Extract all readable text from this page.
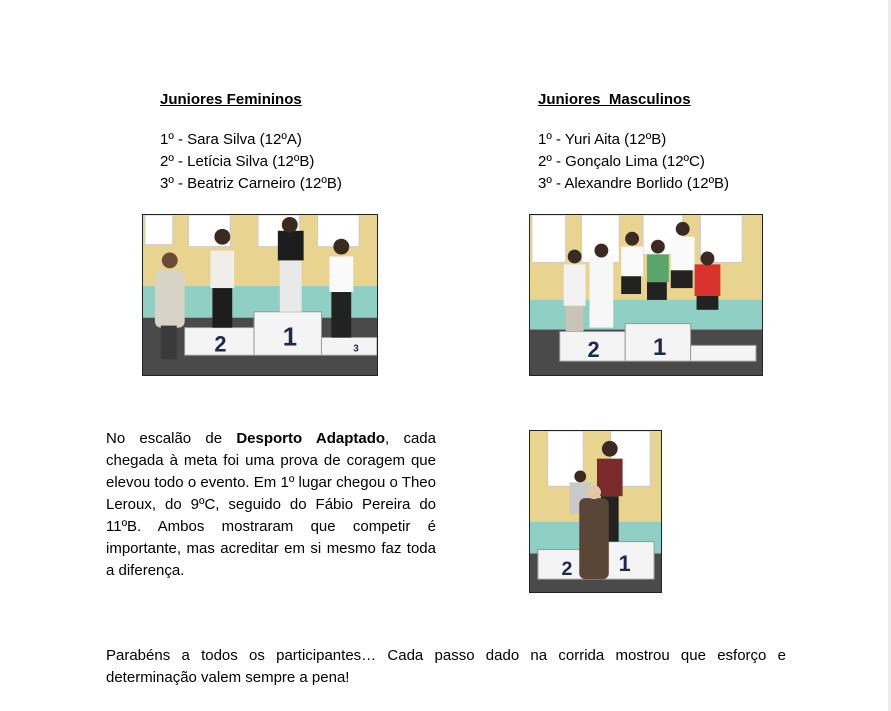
Juniores Femininos
1º - Sara Silva (12ºA)
2º - Letícia Silva (12ºB)
3º - Beatriz Carneiro (12ºB)
Juniores  Masculinos
1º - Yuri Aita (12ºB)
2º - Gonçalo Lima (12ºC)
3º - Alexandre Borlido (12ºB)
2 1	3	2 1

No escalão de Desporto Adaptado, cada chegada à meta foi uma prova de coragem que elevou todo o evento. Em 1º lugar chegou o Theo Leroux, do 9ºC, seguido do Fábio Pereira do 11ºB. Ambos mostraram que competir é importante, mas acreditar em si mesmo faz toda a diferença.	2 1

Parabéns a todos os participantes… Cada passo dado na corrida mostrou que esforço e determinação valem sempre a pena!
